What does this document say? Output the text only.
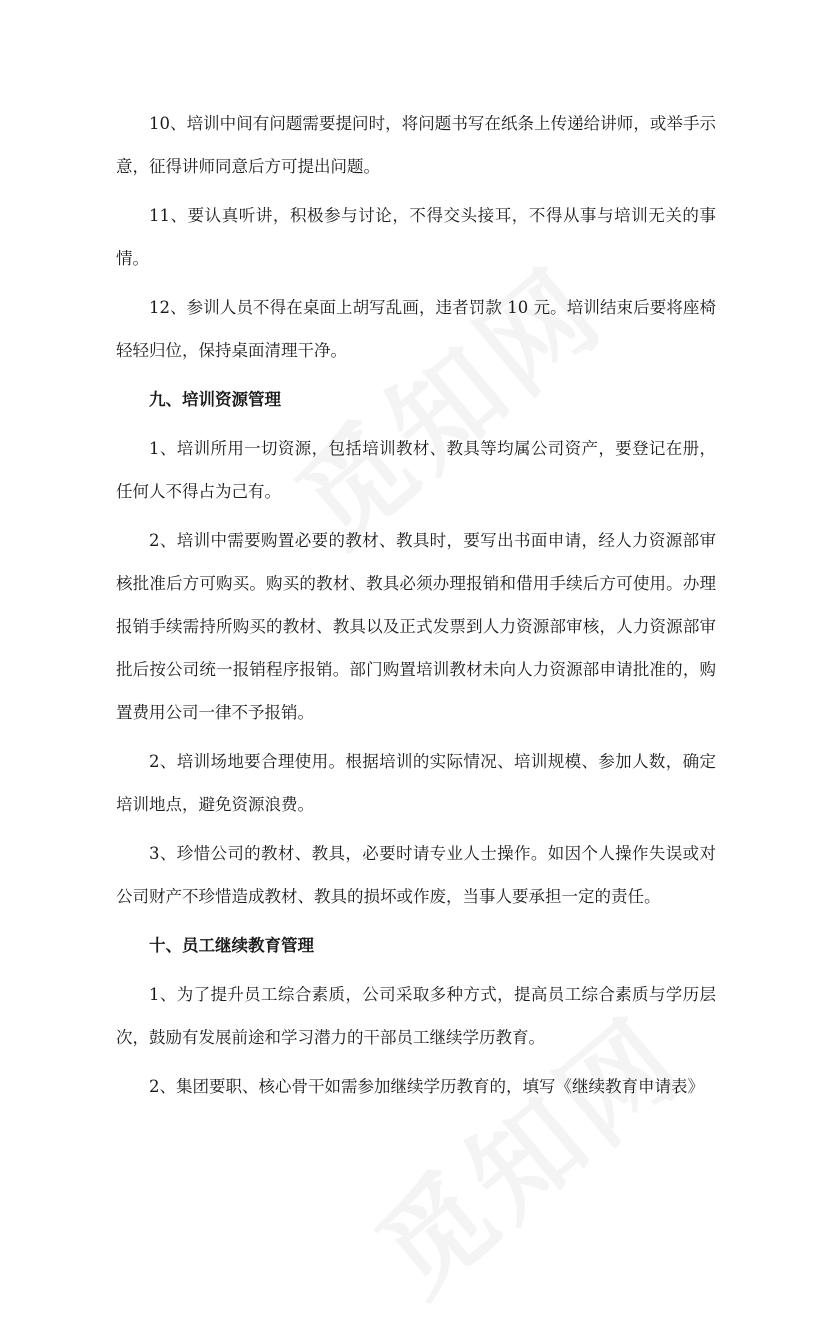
10、培训中间有问题需要提问时，将问题书写在纸条上传递给讲师，或举手示意，征得讲师同意后方可提出问题。

11、要认真听讲，积极参与讨论，不得交头接耳，不得从事与培训无关的事情。

12、参训人员不得在桌面上胡写乱画，违者罚款 10 元。培训结束后要将座椅轻轻归位，保持桌面清理干净。

九、培训资源管理

1、培训所用一切资源，包括培训教材、教具等均属公司资产，要登记在册，任何人不得占为己有。

2、培训中需要购置必要的教材、教具时，要写出书面申请，经人力资源部审核批准后方可购买。购买的教材、教具必须办理报销和借用手续后方可使用。办理报销手续需持所购买的教材、教具以及正式发票到人力资源部审核，人力资源部审批后按公司统一报销程序报销。部门购置培训教材未向人力资源部申请批准的，购置费用公司一律不予报销。

2、培训场地要合理使用。根据培训的实际情况、培训规模、参加人数，确定培训地点，避免资源浪费。

3、珍惜公司的教材、教具，必要时请专业人士操作。如因个人操作失误或对公司财产不珍惜造成教材、教具的损坏或作废，当事人要承担一定的责任。

十、员工继续教育管理

1、为了提升员工综合素质，公司采取多种方式，提高员工综合素质与学历层次，鼓励有发展前途和学习潜力的干部员工继续学历教育。

2、集团要职、核心骨干如需参加继续学历教育的，填写《继续教育申请表》
